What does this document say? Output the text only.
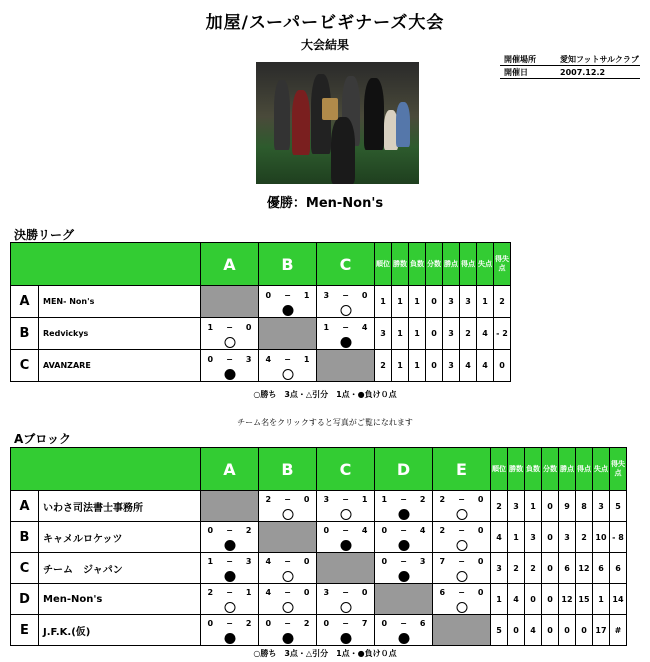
加屋/スーパービギナーズ大会
大会結果
開催場所	愛知フットサルクラブ
開催日	2007.12.2
優勝：Men-Non's
決勝リーグ
		A	B	C	順位	勝数	負数	分数	勝点	得点	失点	得失点
A	MEN- Non's		0 − 1	3 − 0	1	1	1	0	3	3	1	2
B	Redvickys	1 − 0		1 − 4	3	1	1	0	3	2	4	- 2
C	AVANZARE	0 − 3	4 − 1		2	1	1	0	3	4	4	0
○勝ち　3点・△引分　1点・●負け０点
チーム名をクリックすると写真がご覧になれます
Aブロック
		A	B	C	D	E	順位	勝数	負数	分数	勝点	得点	失点	得失点
A	いわさ司法書士事務所		2 − 0	3 − 1	1 − 2	2 − 0	2	3	1	0	9	8	3	5
B	キャメルロケッツ	0 − 2		0 − 4	0 − 4	2 − 0	4	1	3	0	3	2	10	- 8
C	チーム　ジャパン	1 − 3	4 − 0		0 − 3	7 − 0	3	2	2	0	6	12	6	6
D	Men-Non's	2 − 1	4 − 0	3 − 0		6 − 0	1	4	0	0	12	15	1	14
E	J.F.K.(仮)	0 − 2	0 − 2	0 − 7	0 − 6		5	0	4	0	0	0	17	#
○勝ち　3点・△引分　1点・●負け０点
